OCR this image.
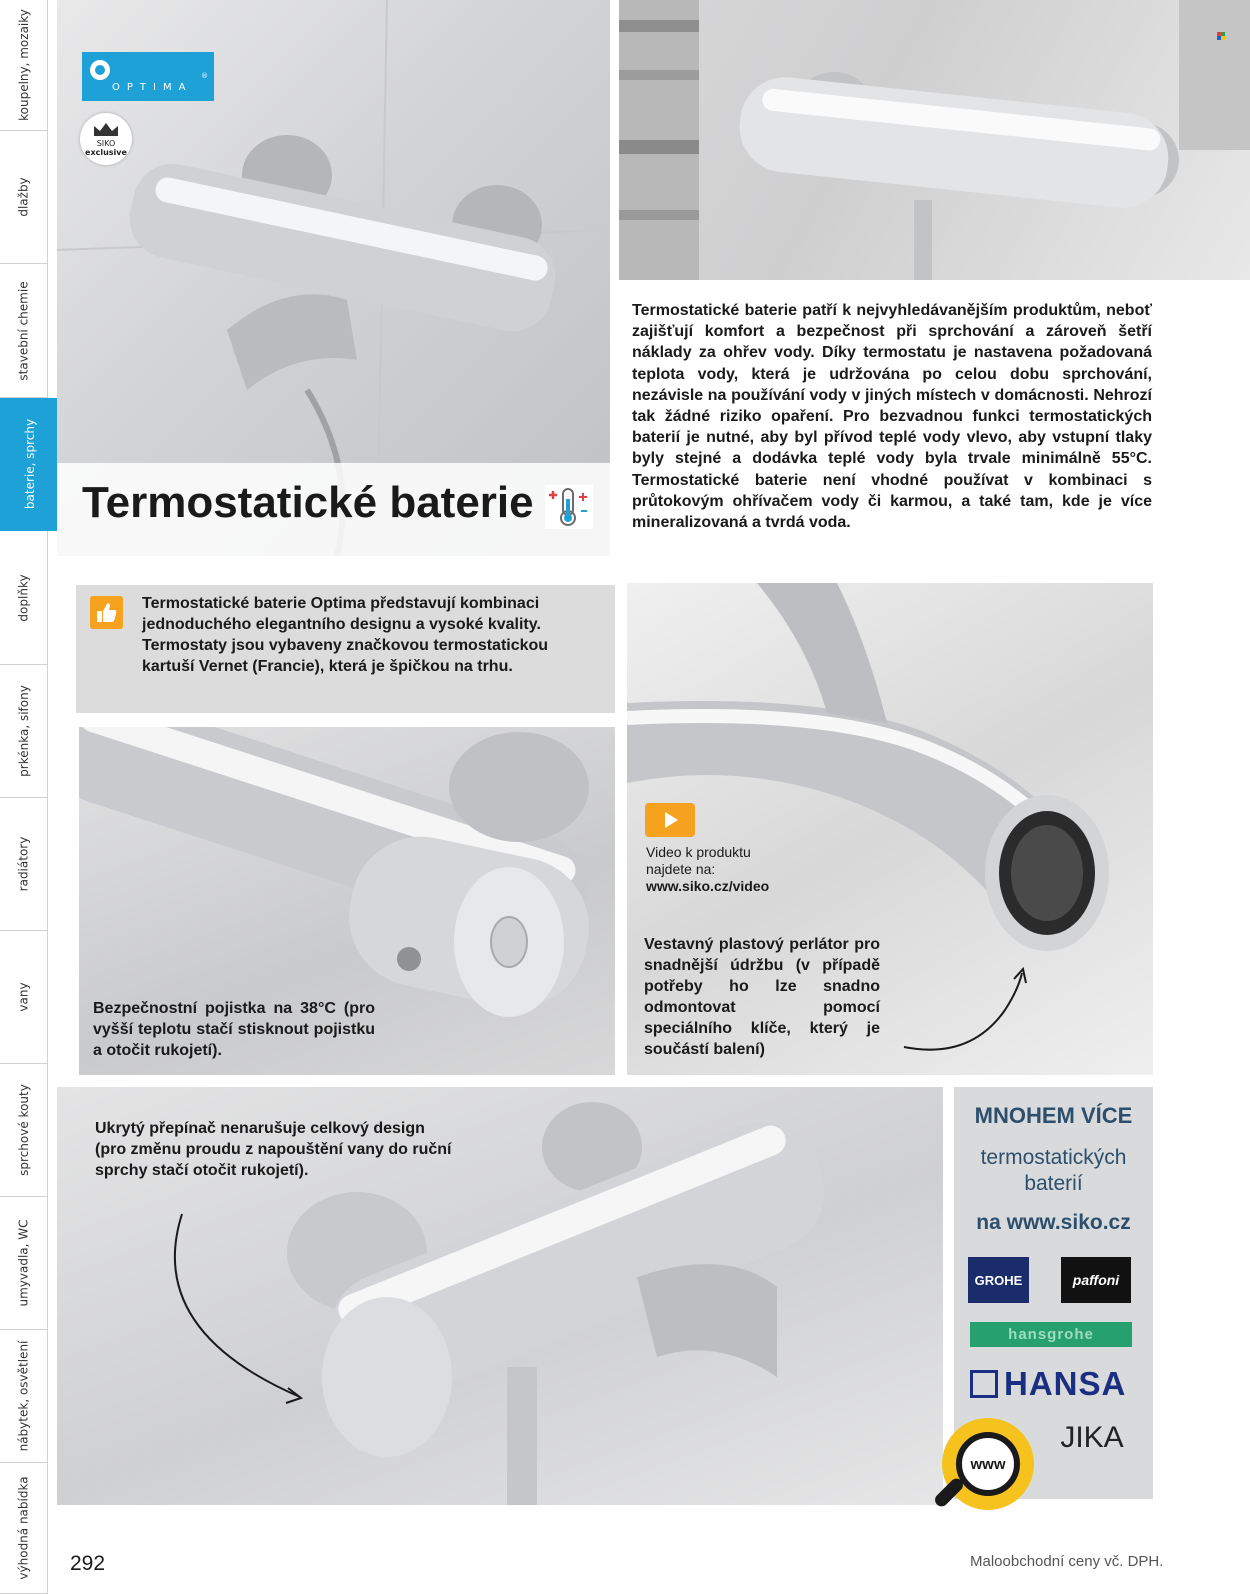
koupelny, mozaiky
dlažby
stavební chemie
baterie, sprchy
doplňky
prkénka, sifony
radiátory
vany
sprchové kouty
umyvadla, WC
nábytek, osvětlení
výhodná nabídka
OPTIMA
®
SIKO
exclusive
Termostatické baterie

Termostatické baterie patří k nejvyhledávanějším produktům, neboť zajišťují komfort a bezpečnost při sprchování a zároveň šetří náklady za ohřev vody. Díky termostatu je nastavena požadovaná teplota vody, která je udržována po celou dobu sprchování, nezávisle na používání vody v jiných místech v domácnosti. Nehrozí tak žádné riziko opaření. Pro bezvadnou funkci termostatických baterií je nutné, aby byl přívod teplé vody vlevo, aby vstupní tlaky byly stejné a dodávka teplé vody byla trvale minimálně 55°C. Termostatické baterie není vhodné používat v kombinaci s průtokovým ohřívačem vody či karmou, a také tam, kde je více mineralizovaná a tvrdá voda.

Termostatické baterie Optima představují kombinaci jednoduchého elegantního designu a vysoké kvality. Termostaty jsou vybaveny značkovou termostatickou kartuší Vernet (Francie), která je špičkou na trhu.

Bezpečnostní pojistka na 38°C (pro vyšší teplotu stačí stisknout pojistku a otočit rukojetí).

Video k produktu
najdete na:
www.siko.cz/video

Vestavný plastový perlátor pro snadnější údržbu (v případě potřeby ho lze snadno odmontovat pomocí speciálního klíče, který je součástí balení)

Ukrytý přepínač nenarušuje celkový design (pro změnu proudu z napouštění vany do ruční sprchy stačí otočit rukojetí).

MNOHEM VÍCE
termostatických
baterií
na www.siko.cz
GROHE	paffoni
hansgrohe
HANSA
JIKA
www
292	Maloobchodní ceny vč. DPH.
